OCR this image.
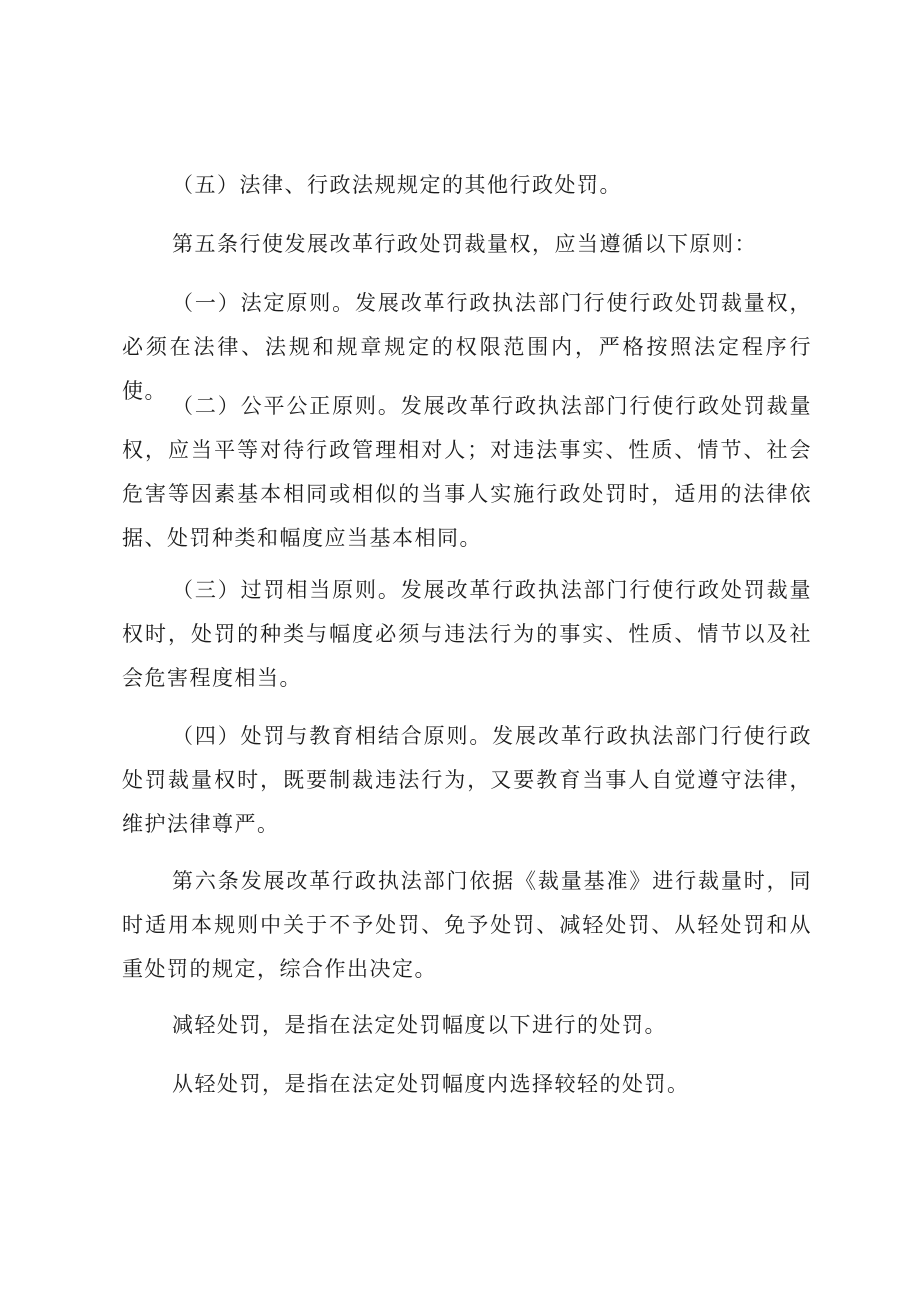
（五）法律、行政法规规定的其他行政处罚。

第五条行使发展改革行政处罚裁量权，应当遵循以下原则：

（一）法定原则。发展改革行政执法部门行使行政处罚裁量权，必须在法律、法规和规章规定的权限范围内，严格按照法定程序行使。

（二）公平公正原则。发展改革行政执法部门行使行政处罚裁量权，应当平等对待行政管理相对人；对违法事实、性质、情节、社会危害等因素基本相同或相似的当事人实施行政处罚时，适用的法律依据、处罚种类和幅度应当基本相同。

（三）过罚相当原则。发展改革行政执法部门行使行政处罚裁量权时，处罚的种类与幅度必须与违法行为的事实、性质、情节以及社会危害程度相当。

（四）处罚与教育相结合原则。发展改革行政执法部门行使行政处罚裁量权时，既要制裁违法行为，又要教育当事人自觉遵守法律，维护法律尊严。

第六条发展改革行政执法部门依据《裁量基准》进行裁量时，同时适用本规则中关于不予处罚、免予处罚、减轻处罚、从轻处罚和从重处罚的规定，综合作出决定。

减轻处罚，是指在法定处罚幅度以下进行的处罚。

从轻处罚，是指在法定处罚幅度内选择较轻的处罚。
